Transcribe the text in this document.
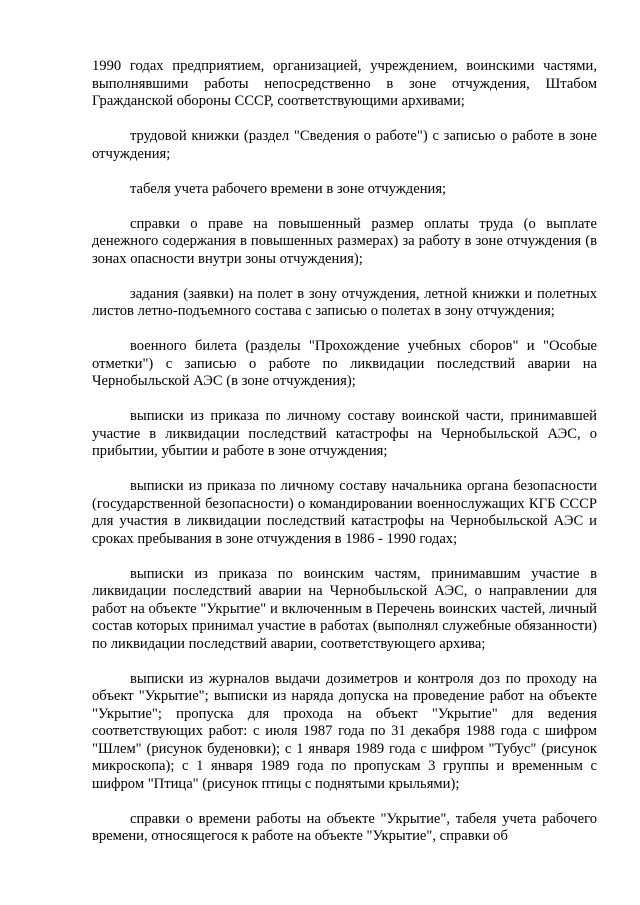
1990 годах предприятием, организацией, учреждением, воинскими частями, выполнявшими работы непосредственно в зоне отчуждения, Штабом Гражданской обороны СССР, соответствующими архивами;

трудовой книжки (раздел "Сведения о работе") с записью о работе в зоне отчуждения;

табеля учета рабочего времени в зоне отчуждения;

справки о праве на повышенный размер оплаты труда (о выплате денежного содержания в повышенных размерах) за работу в зоне отчуждения (в зонах опасности внутри зоны отчуждения);

задания (заявки) на полет в зону отчуждения, летной книжки и полетных листов летно-подъемного состава с записью о полетах в зону отчуждения;

военного билета (разделы "Прохождение учебных сборов" и "Особые отметки") с записью о работе по ликвидации последствий аварии на Чернобыльской АЭС (в зоне отчуждения);

выписки из приказа по личному составу воинской части, принимавшей участие в ликвидации последствий катастрофы на Чернобыльской АЭС, о прибытии, убытии и работе в зоне отчуждения;

выписки из приказа по личному составу начальника органа безопасности (государственной безопасности) о командировании военнослужащих КГБ СССР для участия в ликвидации последствий катастрофы на Чернобыльской АЭС и сроках пребывания в зоне отчуждения в 1986 - 1990 годах;

выписки из приказа по воинским частям, принимавшим участие в ликвидации последствий аварии на Чернобыльской АЭС, о направлении для работ на объекте "Укрытие" и включенным в Перечень воинских частей, личный состав которых принимал участие в работах (выполнял служебные обязанности) по ликвидации последствий аварии, соответствующего архива;

выписки из журналов выдачи дозиметров и контроля доз по проходу на объект "Укрытие"; выписки из наряда допуска на проведение работ на объекте "Укрытие"; пропуска для прохода на объект "Укрытие" для ведения соответствующих работ: с июля 1987 года по 31 декабря 1988 года с шифром "Шлем" (рисунок буденовки); с 1 января 1989 года с шифром "Тубус" (рисунок микроскопа); с 1 января 1989 года по пропускам 3 группы и временным с шифром "Птица" (рисунок птицы с поднятыми крыльями);

справки о времени работы на объекте "Укрытие", табеля учета рабочего времени, относящегося к работе на объекте "Укрытие", справки об
